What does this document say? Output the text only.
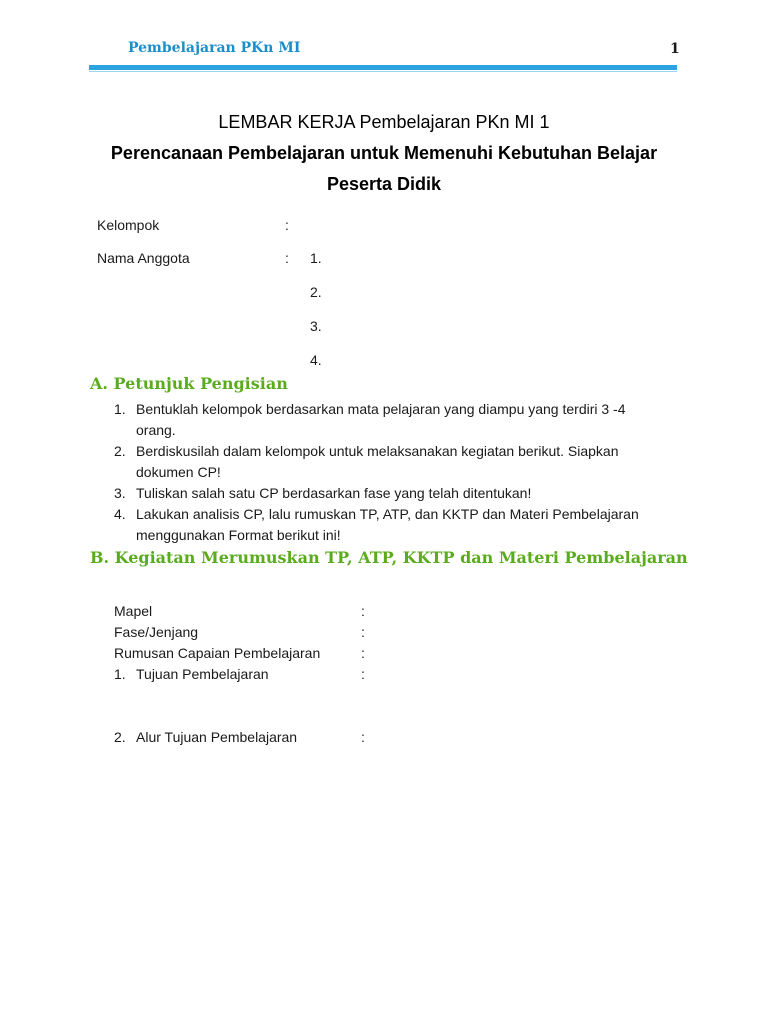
Pembelajaran PKn MI	1
LEMBAR KERJA Pembelajaran PKn MI 1
Perencanaan Pembelajaran untuk Memenuhi Kebutuhan Belajar
Peserta Didik
Kelompok	:
Nama Anggota	: 1.
2.
3.
4.
A. Petunjuk Pengisian
1. Bentuklah kelompok berdasarkan mata pelajaran yang diampu yang terdiri 3 -4
orang.
2. Berdiskusilah dalam kelompok untuk melaksanakan kegiatan berikut. Siapkan
dokumen CP!
3. Tuliskan salah satu CP berdasarkan fase yang telah ditentukan!
4. Lakukan analisis CP, lalu rumuskan TP, ATP, dan KKTP dan Materi Pembelajaran
menggunakan Format berikut ini!
B. Kegiatan Merumuskan TP, ATP, KKTP dan Materi Pembelajaran
Mapel	:
Fase/Jenjang	:
Rumusan Capaian Pembelajaran	:
1. Tujuan Pembelajaran	:
2. Alur Tujuan Pembelajaran	:
